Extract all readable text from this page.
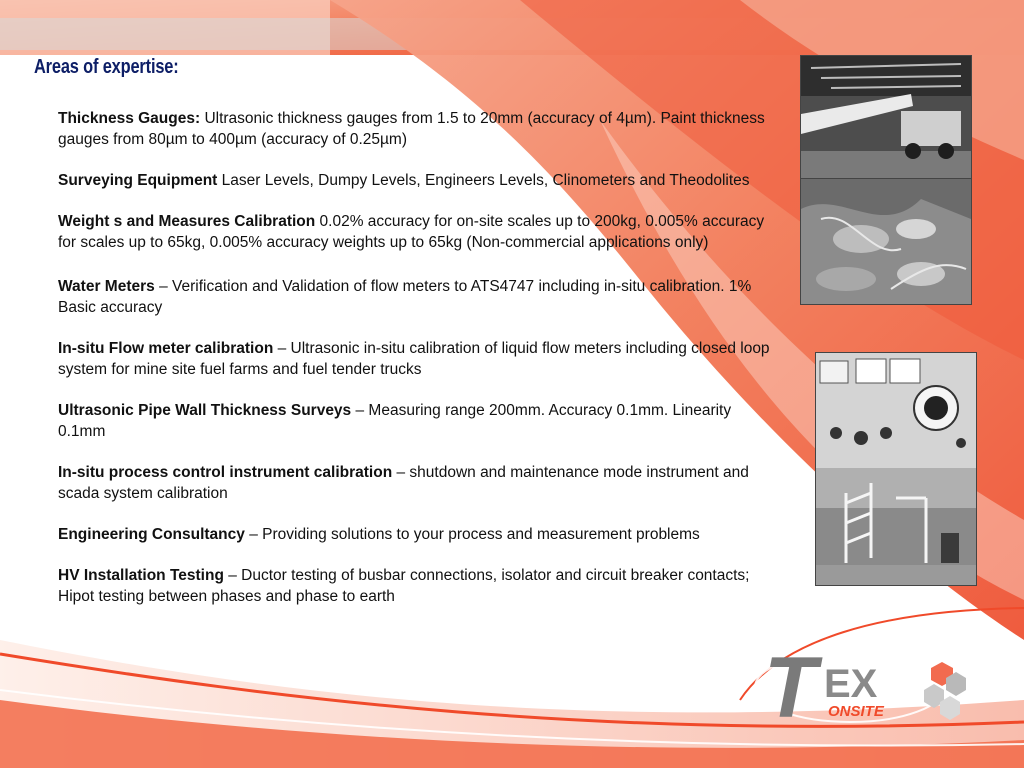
Areas of expertise:

Thickness Gauges: Ultrasonic thickness gauges from 1.5 to 20mm (accuracy of 4µm). Paint thickness gauges from 80µm to 400µm (accuracy of 0.25µm)

Surveying Equipment Laser Levels, Dumpy Levels, Engineers Levels, Clinometers and Theodolites

Weight s and Measures Calibration 0.02% accuracy for on-site scales up to 200kg, 0.005% accuracy for scales up to 65kg, 0.005% accuracy weights up to 65kg (Non-commercial applications only)

Water Meters – Verification and Validation of flow meters to ATS4747 including in-situ calibration. 1% Basic accuracy

In-situ Flow meter calibration – Ultrasonic in-situ calibration of liquid flow meters including closed loop system for mine site fuel farms and fuel tender trucks

Ultrasonic Pipe Wall Thickness Surveys – Measuring range 200mm. Accuracy 0.1mm. Linearity 0.1mm

In-situ process control instrument calibration – shutdown and maintenance mode instrument and scada system calibration

Engineering Consultancy – Providing solutions to your process and measurement problems

HV Installation Testing – Ductor testing of busbar connections, isolator and circuit breaker contacts; Hipot testing between phases and phase to earth

T EX
ONSITE
